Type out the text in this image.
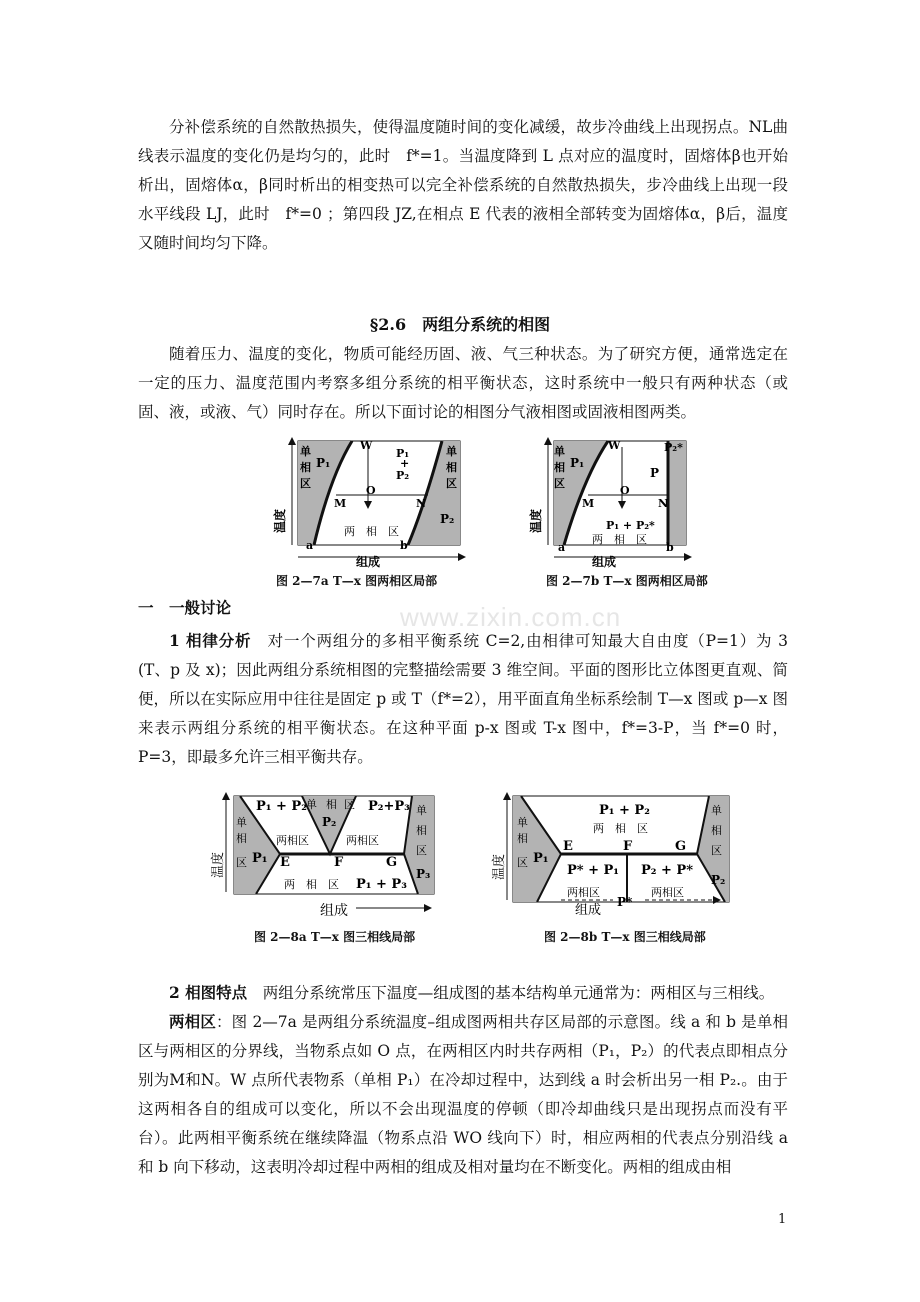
www.zixin.com.cn

分补偿系统的自然散热损失，使得温度随时间的变化减缓，故步冷曲线上出现拐点。NL曲线表示温度的变化仍是均匀的，此时　f*=1。当温度降到 L 点对应的温度时，固熔体β也开始析出，固熔体α，β同时析出的相变热可以完全补偿系统的自然散热损失，步冷曲线上出现一段水平线段 LJ，此时　f*=0 ；第四段 JZ,在相点 E 代表的液相全部转变为固熔体α，β后，温度又随时间均匀下降。

§2.6　两组分系统的相图

随着压力、温度的变化，物质可能经历固、液、气三种状态。为了研究方便，通常选定在一定的压力、温度范围内考察多组分系统的相平衡状态，这时系统中一般只有两种状态（或固、液，或液、气）同时存在。所以下面讨论的相图分气液相图或固液相图两类。

单
相
区
P₁
W
P₁
+
P₂
单
相
区
P₂
O
M	N
两　相　区
a	b
组成
温度

图 2—7a T—x 图两相区局部

单
相
区
P₁
W	P₂*
P
O
M	N
P₁ + P₂*
两　相　区
a	b
组成
温度

图 2—7b T—x 图两相区局部

一　一般讨论

1 相律分析　对一个两组分的多相平衡系统 C=2,由相律可知最大自由度（P=1）为 3 (T、p 及 x)；因此两组分系统相图的完整描绘需要 3 维空间。平面的图形比立体图更直观、简便，所以在实际应用中往往是固定 p 或 T（f*=2），用平面直角坐标系绘制 T—x 图或 p—x 图来表示两组分系统的相平衡状态。在这种平面 p-x 图或 T-x 图中，f*=3-P，当 f*=0 时，P=3，即最多允许三相平衡共存。

P₁ + P₂ 单 相 区
P₂
P₂+P₃
单
相
区 P₁
单
相
区
P₃
两相区	两相区
E	F	G
两　相　区 P₁ + P₃
组成
温度

图 2—8a T—x 图三相线局部

P₁ + P₂
两　相　区
单
相
区 P₁
单
相
区
P₂
E	F	G
P* + P₁ P₂ + P*
两相区	两相区
P*
组成
温度

图 2—8b T—x 图三相线局部

2 相图特点　两组分系统常压下温度—组成图的基本结构单元通常为：两相区与三相线。

两相区：图 2—7a 是两组分系统温度–组成图两相共存区局部的示意图。线 a 和 b 是单相区与两相区的分界线，当物系点如 O 点，在两相区内时共存两相（P₁，P₂）的代表点即相点分别为M和N。W 点所代表物系（单相 P₁）在冷却过程中，达到线 a 时会析出另一相 P₂.。由于这两相各自的组成可以变化，所以不会出现温度的停顿（即冷却曲线只是出现拐点而没有平台）。此两相平衡系统在继续降温（物系点沿 WO 线向下）时，相应两相的代表点分别沿线 a 和 b 向下移动，这表明冷却过程中两相的组成及相对量均在不断变化。两相的组成由相

1
